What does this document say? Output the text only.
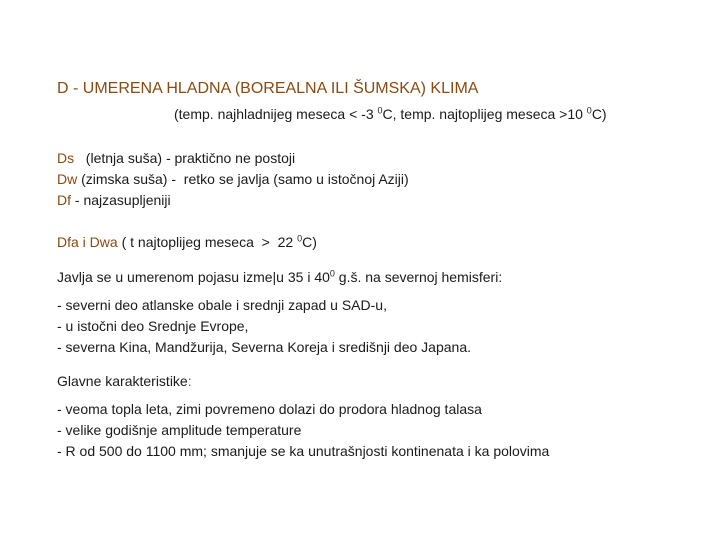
D - UMERENA HLADNA (BOREALNA ILI ŠUMSKA) KLIMA
(temp. najhladnijeg meseca < -3 $^0$C, temp. najtoplijeg meseca >10 $^0$C)
Ds   (letnja suša) - praktično ne postoji
Dw (zimska suša) -  retko se javlja (samo u istočnoj Aziji)
Df - najzasupljeniji
Dfa i Dwa ( t najtoplijeg meseca  >  22 $^0$C)
Javlja se u umerenom pojasu izme|u 35 i $40^0$ g.š. na severnoj hemisferi:
- severni deo atlanske obale i srednji zapad u SAD-u,
- u istočni deo Srednje Evrope,
- severna Kina, Mandžurija, Severna Koreja i središnji deo Japana.
Glavne karakteristike:
- veoma topla leta, zimi povremeno dolazi do prodora hladnog talasa
- velike godišnje amplitude temperature
- R od 500 do 1100 mm; smanjuje se ka unutrašnjosti kontinenata i ka polovima
